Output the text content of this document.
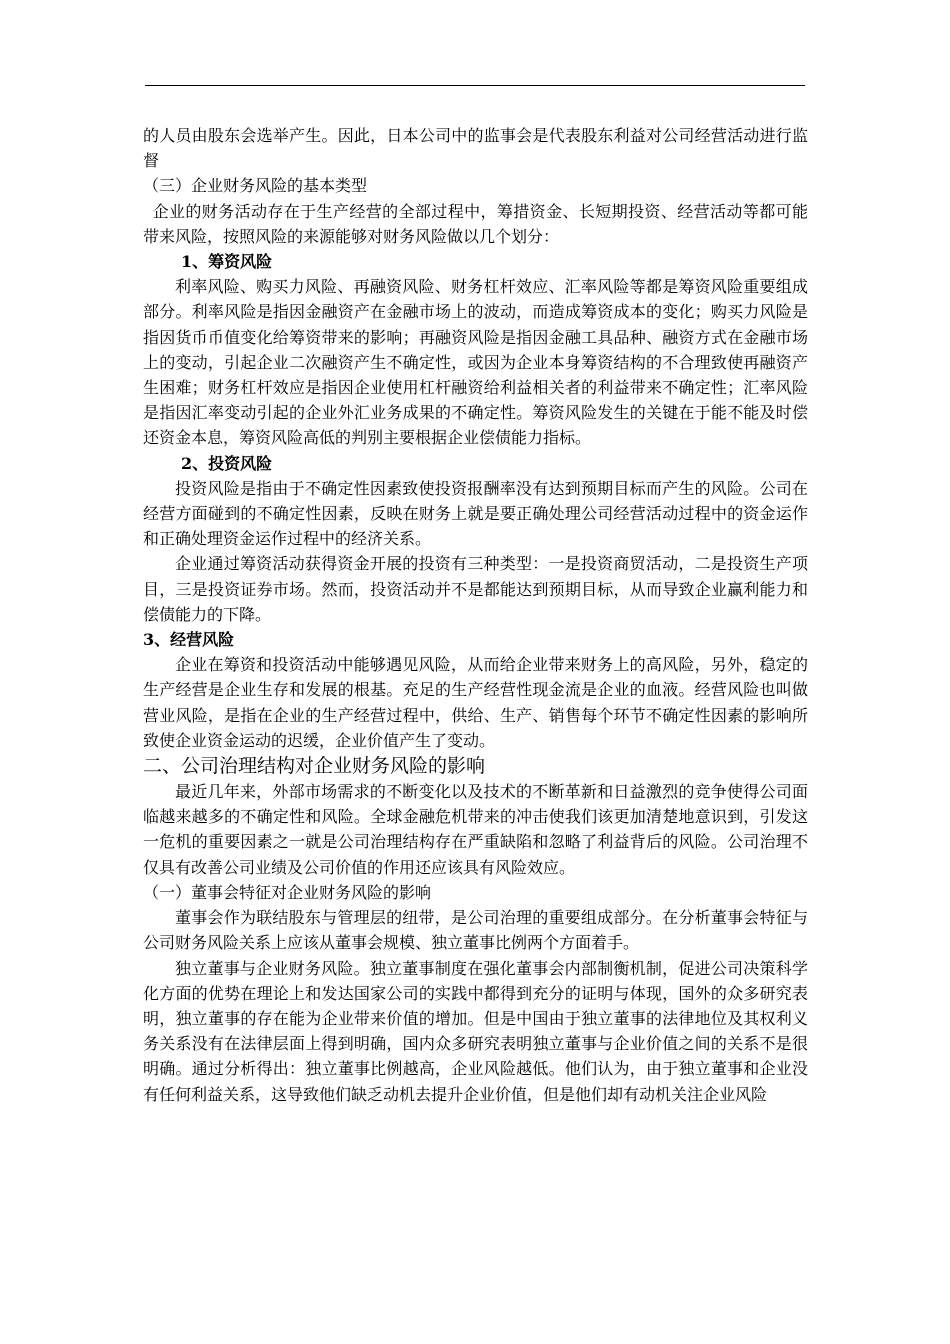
的人员由股东会选举产生。因此，日本公司中的监事会是代表股东利益对公司经营活动进行监督

（三）企业财务风险的基本类型

企业的财务活动存在于生产经营的全部过程中，筹措资金、长短期投资、经营活动等都可能带来风险，按照风险的来源能够对财务风险做以几个划分：

1、筹资风险

利率风险、购买力风险、再融资风险、财务杠杆效应、汇率风险等都是筹资风险重要组成部分。利率风险是指因金融资产在金融市场上的波动，而造成筹资成本的变化；购买力风险是指因货币币值变化给筹资带来的影响；再融资风险是指因金融工具品种、融资方式在金融市场上的变动，引起企业二次融资产生不确定性，或因为企业本身筹资结构的不合理致使再融资产生困难；财务杠杆效应是指因企业使用杠杆融资给利益相关者的利益带来不确定性；汇率风险是指因汇率变动引起的企业外汇业务成果的不确定性。筹资风险发生的关键在于能不能及时偿还资金本息，筹资风险高低的判别主要根据企业偿债能力指标。

2、投资风险

投资风险是指由于不确定性因素致使投资报酬率没有达到预期目标而产生的风险。公司在经营方面碰到的不确定性因素，反映在财务上就是要正确处理公司经营活动过程中的资金运作和正确处理资金运作过程中的经济关系。

企业通过筹资活动获得资金开展的投资有三种类型：一是投资商贸活动，二是投资生产项目，三是投资证券市场。然而，投资活动并不是都能达到预期目标，从而导致企业赢利能力和偿债能力的下降。

3、经营风险

企业在筹资和投资活动中能够遇见风险，从而给企业带来财务上的高风险，另外，稳定的生产经营是企业生存和发展的根基。充足的生产经营性现金流是企业的血液。经营风险也叫做营业风险，是指在企业的生产经营过程中，供给、生产、销售每个环节不确定性因素的影响所致使企业资金运动的迟缓，企业价值产生了变动。

二、公司治理结构对企业财务风险的影响

最近几年来，外部市场需求的不断变化以及技术的不断革新和日益激烈的竞争使得公司面临越来越多的不确定性和风险。全球金融危机带来的冲击使我们该更加清楚地意识到，引发这一危机的重要因素之一就是公司治理结构存在严重缺陷和忽略了利益背后的风险。公司治理不仅具有改善公司业绩及公司价值的作用还应该具有风险效应。

（一）董事会特征对企业财务风险的影响

董事会作为联结股东与管理层的纽带，是公司治理的重要组成部分。在分析董事会特征与公司财务风险关系上应该从董事会规模、独立董事比例两个方面着手。

独立董事与企业财务风险。独立董事制度在强化董事会内部制衡机制，促进公司决策科学化方面的优势在理论上和发达国家公司的实践中都得到充分的证明与体现，国外的众多研究表明，独立董事的存在能为企业带来价值的增加。但是中国由于独立董事的法律地位及其权利义务关系没有在法律层面上得到明确，国内众多研究表明独立董事与企业价值之间的关系不是很明确。通过分析得出：独立董事比例越高，企业风险越低。他们认为，由于独立董事和企业没有任何利益关系，这导致他们缺乏动机去提升企业价值，但是他们却有动机关注企业风险
